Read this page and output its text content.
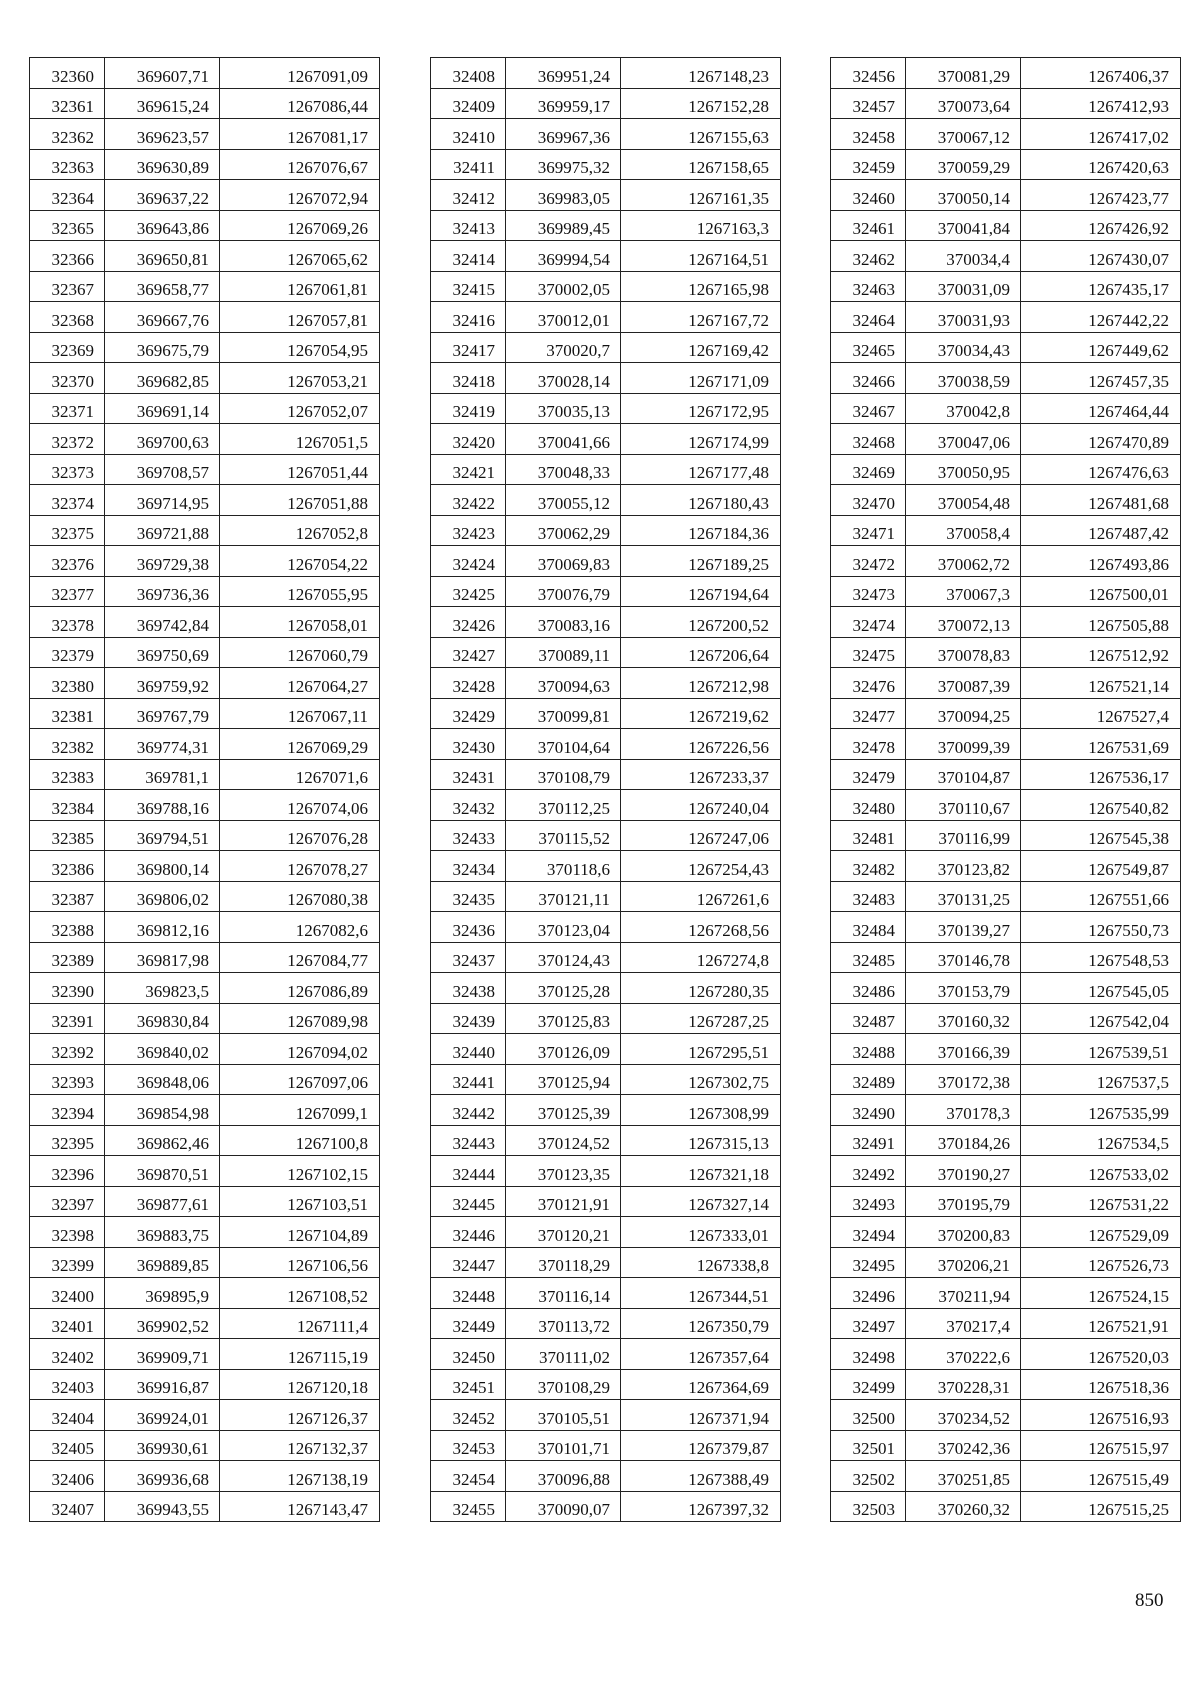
32360	369607,71	1267091,09
32361	369615,24	1267086,44
32362	369623,57	1267081,17
32363	369630,89	1267076,67
32364	369637,22	1267072,94
32365	369643,86	1267069,26
32366	369650,81	1267065,62
32367	369658,77	1267061,81
32368	369667,76	1267057,81
32369	369675,79	1267054,95
32370	369682,85	1267053,21
32371	369691,14	1267052,07
32372	369700,63	1267051,5
32373	369708,57	1267051,44
32374	369714,95	1267051,88
32375	369721,88	1267052,8
32376	369729,38	1267054,22
32377	369736,36	1267055,95
32378	369742,84	1267058,01
32379	369750,69	1267060,79
32380	369759,92	1267064,27
32381	369767,79	1267067,11
32382	369774,31	1267069,29
32383	369781,1	1267071,6
32384	369788,16	1267074,06
32385	369794,51	1267076,28
32386	369800,14	1267078,27
32387	369806,02	1267080,38
32388	369812,16	1267082,6
32389	369817,98	1267084,77
32390	369823,5	1267086,89
32391	369830,84	1267089,98
32392	369840,02	1267094,02
32393	369848,06	1267097,06
32394	369854,98	1267099,1
32395	369862,46	1267100,8
32396	369870,51	1267102,15
32397	369877,61	1267103,51
32398	369883,75	1267104,89
32399	369889,85	1267106,56
32400	369895,9	1267108,52
32401	369902,52	1267111,4
32402	369909,71	1267115,19
32403	369916,87	1267120,18
32404	369924,01	1267126,37
32405	369930,61	1267132,37
32406	369936,68	1267138,19
32407	369943,55	1267143,47
32408	369951,24	1267148,23
32409	369959,17	1267152,28
32410	369967,36	1267155,63
32411	369975,32	1267158,65
32412	369983,05	1267161,35
32413	369989,45	1267163,3
32414	369994,54	1267164,51
32415	370002,05	1267165,98
32416	370012,01	1267167,72
32417	370020,7	1267169,42
32418	370028,14	1267171,09
32419	370035,13	1267172,95
32420	370041,66	1267174,99
32421	370048,33	1267177,48
32422	370055,12	1267180,43
32423	370062,29	1267184,36
32424	370069,83	1267189,25
32425	370076,79	1267194,64
32426	370083,16	1267200,52
32427	370089,11	1267206,64
32428	370094,63	1267212,98
32429	370099,81	1267219,62
32430	370104,64	1267226,56
32431	370108,79	1267233,37
32432	370112,25	1267240,04
32433	370115,52	1267247,06
32434	370118,6	1267254,43
32435	370121,11	1267261,6
32436	370123,04	1267268,56
32437	370124,43	1267274,8
32438	370125,28	1267280,35
32439	370125,83	1267287,25
32440	370126,09	1267295,51
32441	370125,94	1267302,75
32442	370125,39	1267308,99
32443	370124,52	1267315,13
32444	370123,35	1267321,18
32445	370121,91	1267327,14
32446	370120,21	1267333,01
32447	370118,29	1267338,8
32448	370116,14	1267344,51
32449	370113,72	1267350,79
32450	370111,02	1267357,64
32451	370108,29	1267364,69
32452	370105,51	1267371,94
32453	370101,71	1267379,87
32454	370096,88	1267388,49
32455	370090,07	1267397,32
32456	370081,29	1267406,37
32457	370073,64	1267412,93
32458	370067,12	1267417,02
32459	370059,29	1267420,63
32460	370050,14	1267423,77
32461	370041,84	1267426,92
32462	370034,4	1267430,07
32463	370031,09	1267435,17
32464	370031,93	1267442,22
32465	370034,43	1267449,62
32466	370038,59	1267457,35
32467	370042,8	1267464,44
32468	370047,06	1267470,89
32469	370050,95	1267476,63
32470	370054,48	1267481,68
32471	370058,4	1267487,42
32472	370062,72	1267493,86
32473	370067,3	1267500,01
32474	370072,13	1267505,88
32475	370078,83	1267512,92
32476	370087,39	1267521,14
32477	370094,25	1267527,4
32478	370099,39	1267531,69
32479	370104,87	1267536,17
32480	370110,67	1267540,82
32481	370116,99	1267545,38
32482	370123,82	1267549,87
32483	370131,25	1267551,66
32484	370139,27	1267550,73
32485	370146,78	1267548,53
32486	370153,79	1267545,05
32487	370160,32	1267542,04
32488	370166,39	1267539,51
32489	370172,38	1267537,5
32490	370178,3	1267535,99
32491	370184,26	1267534,5
32492	370190,27	1267533,02
32493	370195,79	1267531,22
32494	370200,83	1267529,09
32495	370206,21	1267526,73
32496	370211,94	1267524,15
32497	370217,4	1267521,91
32498	370222,6	1267520,03
32499	370228,31	1267518,36
32500	370234,52	1267516,93
32501	370242,36	1267515,97
32502	370251,85	1267515,49
32503	370260,32	1267515,25
850
